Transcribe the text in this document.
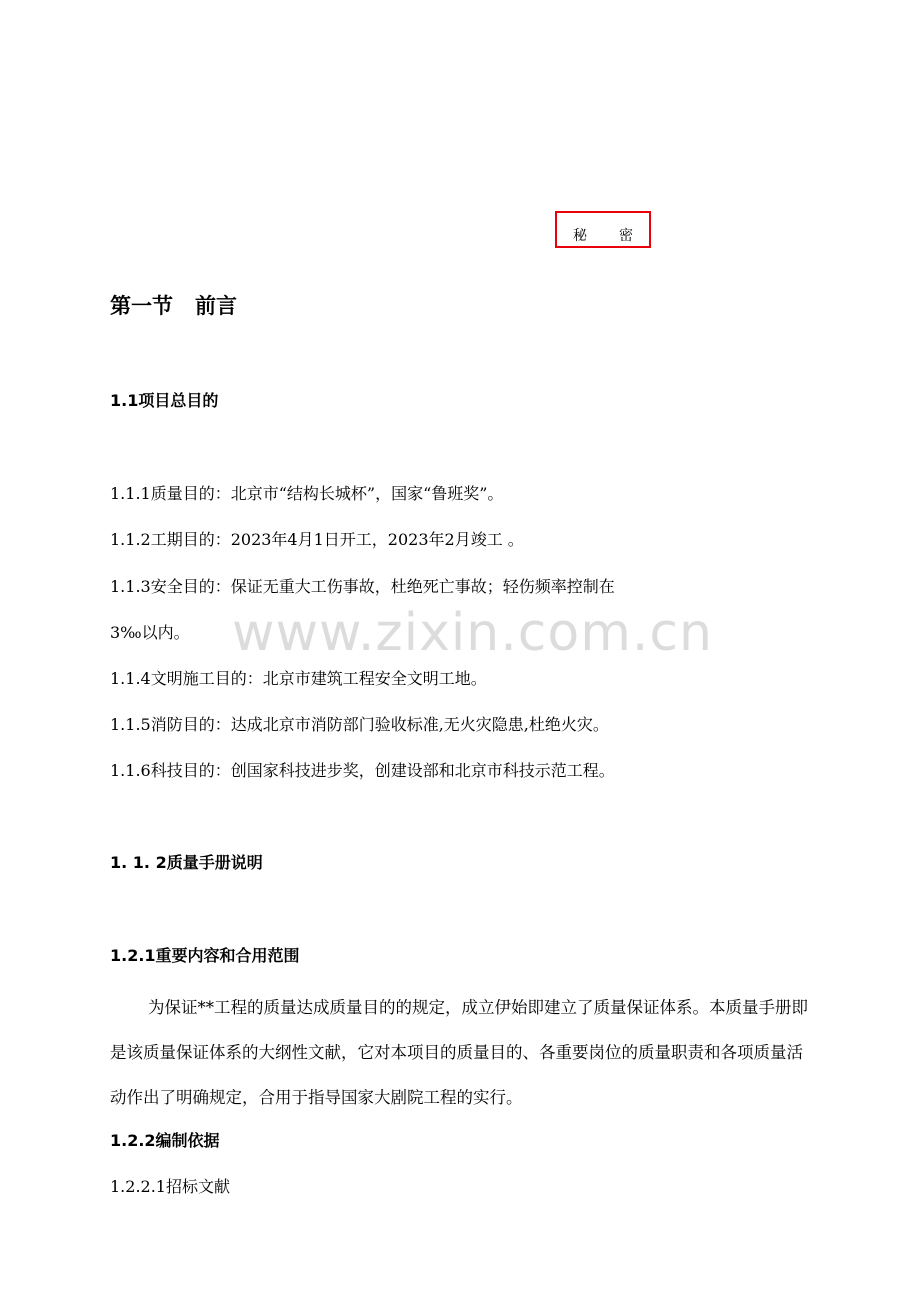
秘 密
第一节 前言
1.1项目总目的
1.1.1质量目的：北京市“结构长城杯”，国家“鲁班奖”。
1.1.2工期目的：2023年4月1日开工，2023年2月竣工 。
1.1.3安全目的：保证无重大工伤事故，杜绝死亡事故；轻伤频率控制在
3‰以内。
1.1.4文明施工目的：北京市建筑工程安全文明工地。
1.1.5消防目的：达成北京市消防部门验收标准,无火灾隐患,杜绝火灾。
1.1.6科技目的：创国家科技进步奖，创建设部和北京市科技示范工程。
1. 1. 2质量手册说明
1.2.1重要内容和合用范围
为保证**工程的质量达成质量目的的规定，成立伊始即建立了质量保证体系。本质量手册即是该质量保证体系的大纲性文献，它对本项目的质量目的、各重要岗位的质量职责和各项质量活动作出了明确规定，合用于指导国家大剧院工程的实行。
1.2.2编制依据
1.2.2.1招标文献
www.zixin.com.cn
